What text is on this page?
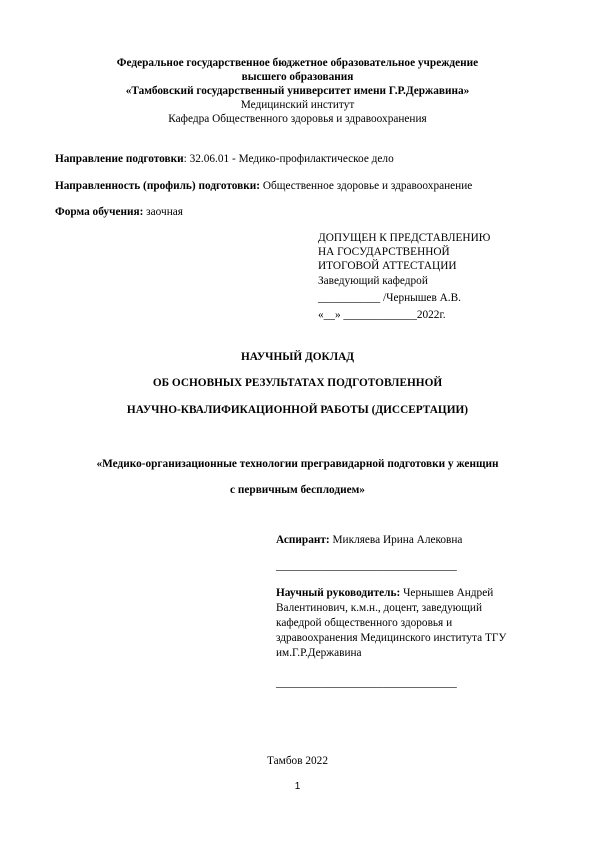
Федеральное государственное бюджетное образовательное учреждение
высшего образования
«Тамбовский государственный университет имени Г.Р.Державина»
Медицинский институт
Кафедра Общественного здоровья и здравоохранения
Направление подготовки: 32.06.01 - Медико-профилактическое дело
Направленность (профиль) подготовки: Общественное здоровье и здравоохранение
Форма обучения: заочная
ДОПУЩЕН К ПРЕДСТАВЛЕНИЮ
НА ГОСУДАРСТВЕННОЙ
ИТОГОВОЙ АТТЕСТАЦИИ
Заведующий кафедрой
___________ /Чернышев А.В.
«__» _____________2022г.
НАУЧНЫЙ ДОКЛАД
ОБ ОСНОВНЫХ РЕЗУЛЬТАТАХ ПОДГОТОВЛЕННОЙ
НАУЧНО-КВАЛИФИКАЦИОННОЙ РАБОТЫ (ДИССЕРТАЦИИ)
«Медико-организационные технологии прегравидарной подготовки у женщин
с первичным бесплодием»
Аспирант: Микляева Ирина Алековна
________________________________
Научный руководитель: Чернышев Андрей
Валентинович, к.м.н., доцент, заведующий
кафедрой общественного здоровья и
здравоохранения Медицинского института ТГУ
им.Г.Р.Державина
________________________________
Тамбов 2022
1
